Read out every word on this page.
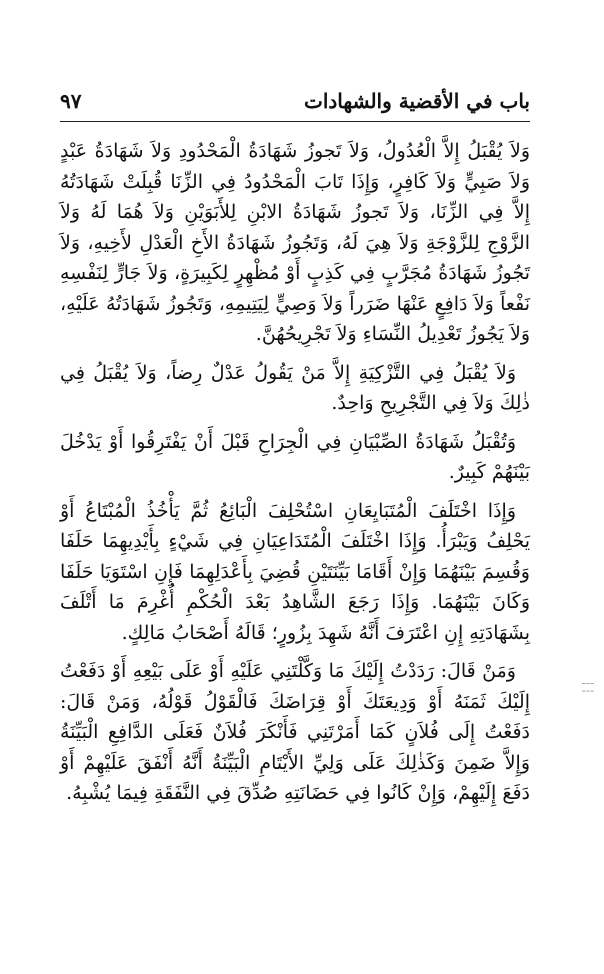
باب في الأقضية والشهادات
٩٧

وَلاَ يُقْبَلُ إِلاَّ الْعُدُولُ، وَلاَ تَجوزُ شَهَادَةُ الْمَحْدُودِ وَلاَ شَهَادَةُ عَبْدٍ وَلاَ صَبِيٍّ وَلاَ كَافِرٍ، وَإِذَا تَابَ الْمَحْدُودُ فِي الزِّنَا قُبِلَتْ شَهَادَتُهُ إِلاَّ فِي الزِّنَا، وَلاَ تَجوزُ شَهَادَةُ الابْنِ لِلأَبَوَيْنِ وَلاَ هُمَا لَهُ وَلاَ الزَّوْجِ لِلزَّوْجَةِ وَلاَ هِيَ لَهُ، وَتَجُوزُ شَهَادَةُ الأَخِ الْعَدْلِ لأَخِيهِ، وَلاَ تَجُوزُ شَهَادَةُ مُجَرَّبٍ فِي كَذِبٍ أَوْ مُظْهِرٍ لِكَبِيرَةٍ، وَلاَ جَارٍّ لِنَفْسِهِ نَفْعاً وَلاَ دَافِعٍ عَنْهَا ضَرَراً وَلاَ وَصِيٍّ لِيَتِيمِهِ، وَتَجُوزُ شَهَادَتُهُ عَلَيْهِ، وَلاَ يَجُوزُ تَعْدِيلُ النِّسَاءِ وَلاَ تَجْرِيحُهُنَّ.

وَلاَ يُقْبَلُ فِي التَّزْكِيَةِ إِلاَّ مَنْ يَقُولُ عَدْلٌ رِضاً، وَلاَ يُقْبَلُ فِي ذٰلِكَ وَلاَ فِي التَّجْرِيحِ وَاحِدٌ.

وَتُقْبَلُ شَهَادَةُ الصِّبْيَانِ فِي الْجِرَاحِ قَبْلَ أَنْ يَفْتَرِقُوا أَوْ يَدْخُلَ بَيْنَهُمْ كَبِيرٌ.

وَإِذَا اخْتَلَفَ الْمُتَبَايِعَانِ اسْتُحْلِفَ الْبَائِعُ ثُمَّ يَأْخُذُ الْمُبْتَاعُ أَوْ يَحْلِفُ وَيَبْرَأُ. وَإِذَا اخْتَلَفَ الْمُتَدَاعِيَانِ فِي شَيْءٍ بِأَيْدِيهِمَا حَلَفَا وَقُسِمَ بَيْنَهُمَا وَإِنْ أَقَامَا بَيِّنَتَيْنِ قُضِيَ بِأَعْدَلِهِمَا فَإِنِ اسْتَوَيَا حَلَفَا وَكَانَ بَيْنَهُمَا. وَإِذَا رَجَعَ الشَّاهِدُ بَعْدَ الْحُكْمِ أُغْرِمَ مَا أَتْلَفَ بِشَهَادَتِهِ إِنِ اعْتَرَفَ أَنَّهُ شَهِدَ بِزُورٍ؛ قَالَهُ أَصْحَابُ مَالِكٍ.

وَمَنْ قَالَ: رَدَدْتُ إِلَيْكَ مَا وَكَّلْتَنِي عَلَيْهِ أَوْ عَلَى بَيْعِهِ أَوْ دَفَعْتُ إِلَيْكَ ثَمَنَهُ أَوْ وَدِيعَتَكَ أَوْ قِرَاضَكَ فَالْقَوْلُ قَوْلُهُ، وَمَنْ قَالَ: دَفَعْتُ إِلَى فُلاَنٍ كَمَا أَمَرْتَنِي فَأَنْكَرَ فُلاَنٌ فَعَلَى الدَّافِعِ الْبَيِّنَةُ وَإِلاَّ ضَمِنَ وَكَذٰلِكَ عَلَى وَلِيِّ الأَيْتَامِ الْبَيِّنَةُ أَنَّهُ أَنْفَقَ عَلَيْهِمْ أَوْ دَفَعَ إِلَيْهِمْ، وَإِنْ كَانُوا فِي حَضَانَتِهِ صُدِّقَ فِي النَّفَقَةِ فِيمَا يُشْبِهُ.

┆┆
